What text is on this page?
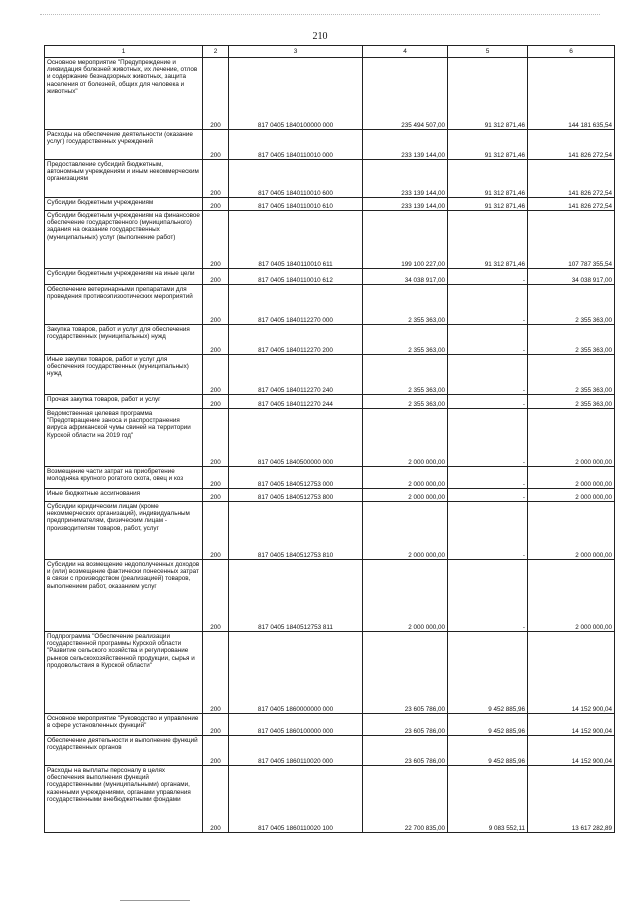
210
1	2	3	4	5	6
Основное мероприятие "Предупреждение и ликвидация болезней животных, их лечение, отлов и содержание безнадзорных животных, защита населения от болезней, общих для человека и животных"	200	817 0405 1840100000 000	235 494 507,00	91 312 871,46	144 181 635,54
Расходы на обеспечение деятельности (оказание услуг) государственных учреждений	200	817 0405 1840110010 000	233 139 144,00	91 312 871,46	141 826 272,54
Предоставление субсидий бюджетным, автономным учреждениям и иным некоммерческим организациям	200	817 0405 1840110010 600	233 139 144,00	91 312 871,46	141 826 272,54
Субсидии бюджетным учреждениям	200	817 0405 1840110010 610	233 139 144,00	91 312 871,46	141 826 272,54
Субсидии бюджетным учреждениям на финансовое обеспечение государственного (муниципального) задания на оказание государственных (муниципальных) услуг (выполнение работ)	200	817 0405 1840110010 611	199 100 227,00	91 312 871,46	107 787 355,54
Субсидии бюджетным учреждениям на иные цели	200	817 0405 1840110010 612	34 038 917,00	-	34 038 917,00
Обеспечение ветеринарными препаратами для проведения противоэпизоотических мероприятий	200	817 0405 1840112270 000	2 355 363,00	-	2 355 363,00
Закупка товаров, работ и услуг для обеспечения государственных (муниципальных) нужд	200	817 0405 1840112270 200	2 355 363,00	-	2 355 363,00
Иные закупки товаров, работ и услуг для обеспечения государственных (муниципальных) нужд	200	817 0405 1840112270 240	2 355 363,00	-	2 355 363,00
Прочая закупка товаров, работ и услуг	200	817 0405 1840112270 244	2 355 363,00	-	2 355 363,00
Ведомственная целевая программа "Предотвращение заноса и распространения вируса африканской чумы свиней на территории Курской области на 2019 год"	200	817 0405 1840500000 000	2 000 000,00	-	2 000 000,00
Возмещение части затрат на приобретение молодняка крупного рогатого скота, овец и коз	200	817 0405 1840512753 000	2 000 000,00	-	2 000 000,00
Иные бюджетные ассигнования	200	817 0405 1840512753 800	2 000 000,00	-	2 000 000,00
Субсидии юридическим лицам (кроме некоммерческих организаций), индивидуальным предпринимателям, физическим лицам - производителям товаров, работ, услуг	200	817 0405 1840512753 810	2 000 000,00	-	2 000 000,00
Субсидии на возмещение недополученных доходов и (или) возмещение фактически понесенных затрат в связи с производством (реализацией) товаров, выполнением работ, оказанием услуг	200	817 0405 1840512753 811	2 000 000,00	-	2 000 000,00
Подпрограмма "Обеспечение реализации государственной программы Курской области "Развитие сельского хозяйства и регулирование рынков сельскохозяйственной продукции, сырья и продовольствия в Курской области"	200	817 0405 1860000000 000	23 605 786,00	9 452 885,96	14 152 900,04
Основное мероприятие "Руководство и управление в сфере установленных функций"	200	817 0405 1860100000 000	23 605 786,00	9 452 885,96	14 152 900,04
Обеспечение деятельности и выполнение функций государственных органов	200	817 0405 1860110020 000	23 605 786,00	9 452 885,96	14 152 900,04
Расходы на выплаты персоналу в целях обеспечения выполнения функций государственными (муниципальными) органами, казенными учреждениями, органами управления государственными внебюджетными фондами	200	817 0405 1860110020 100	22 700 835,00	9 083 552,11	13 617 282,89
